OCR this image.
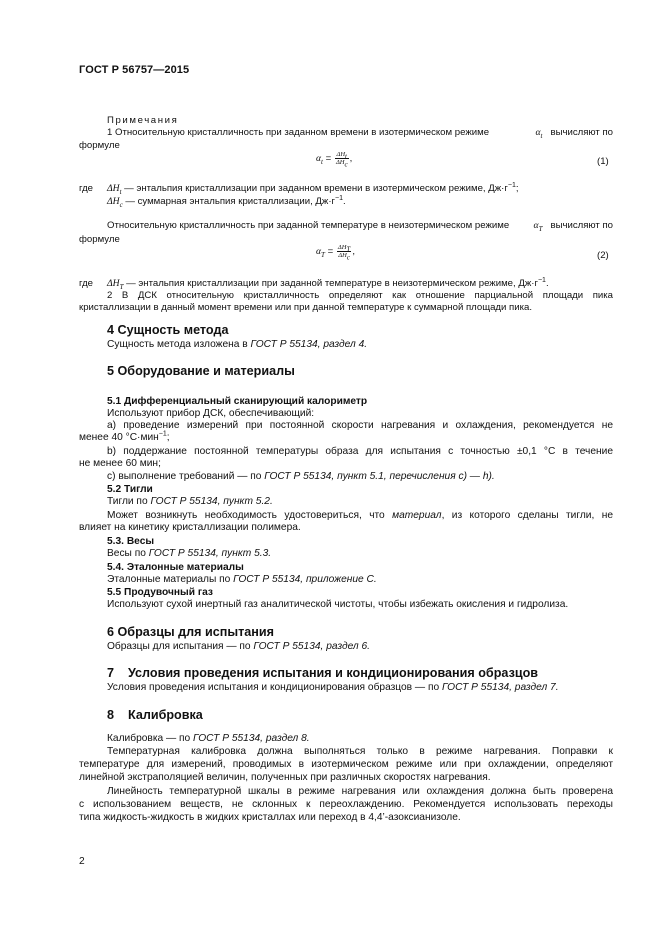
ГОСТ Р 56757—2015
Примечания
1 Относительную кристалличность при заданном времени в изотермическом режиме	$\alpha_t$ вычисляют по
формуле
$\alpha_t = \frac{\Delta H_t}{\Delta H_c}$ ,	(1)
где $\Delta H_t$ — энтальпия кристаллизации при заданном времени в изотермическом режиме, $Дж\cdot г^{-1}$;
$\Delta H_c$ — суммарная энтальпия кристаллизации, $Дж\cdot г^{-1}$.
Относительную кристалличность при заданной температуре в неизотермическом режиме	$\alpha_T$ вычисляют по
формуле
$\alpha_T = \frac{\Delta H_T}{\Delta H_c}$ ,	(2)
где $\Delta H_T$ — энтальпия кристаллизации при заданной температуре в неизотермическом режиме, $Дж\cdot г^{-1}$.
2 В ДСК относительную кристалличность определяют как отношение парциальной площади пика
кристаллизации в данный момент времени или при данной температуре к суммарной площади пика.
4 Сущность метода
Сущность метода изложена в ГОСТ Р 55134, раздел 4.
5 Оборудование и материалы
5.1 Дифференциальный сканирующий калориметр
Используют прибор ДСК, обеспечивающий:
a) проведение измерений при постоянной скорости нагревания и охлаждения, рекомендуется не
менее 40 °C·мин$^{-1}$;
b) поддержание постоянной температуры образа для испытания с точностью ±0,1 °C в течение
не менее 60 мин;
c) выполнение требований — по ГОСТ Р 55134, пункт 5.1, перечисления c) — h).
5.2 Тигли
Тигли по ГОСТ Р 55134, пункт 5.2.
Может возникнуть необходимость удостовериться, что материал, из которого сделаны тигли, не
влияет на кинетику кристаллизации полимера.
5.3. Весы
Весы по ГОСТ Р 55134, пункт 5.3.
5.4. Эталонные материалы
Эталонные материалы по ГОСТ Р 55134, приложение С.
5.5 Продувочный газ
Используют сухой инертный газ аналитической чистоты, чтобы избежать окисления и гидролиза.
6 Образцы для испытания
Образцы для испытания — по ГОСТ Р 55134, раздел 6.
7    Условия проведения испытания и кондиционирования образцов
Условия проведения испытания и кондиционирования образцов — по ГОСТ Р 55134, раздел 7.
8    Калибровка
Калибровка — по ГОСТ Р 55134, раздел 8.
Температурная калибровка должна выполняться только в режиме нагревания. Поправки к
температуре для измерений, проводимых в изотермическом режиме или при охлаждении, определяют
линейной экстраполяцией величин, полученных при различных скоростях нагревания.
Линейность температурной шкалы в режиме нагревания или охлаждения должна быть проверена
с использованием веществ, не склонных к переохлаждению. Рекомендуется использовать переходы
типа жидкость-жидкость в жидких кристаллах или переход в 4,4’-азоксианизоле.
2
